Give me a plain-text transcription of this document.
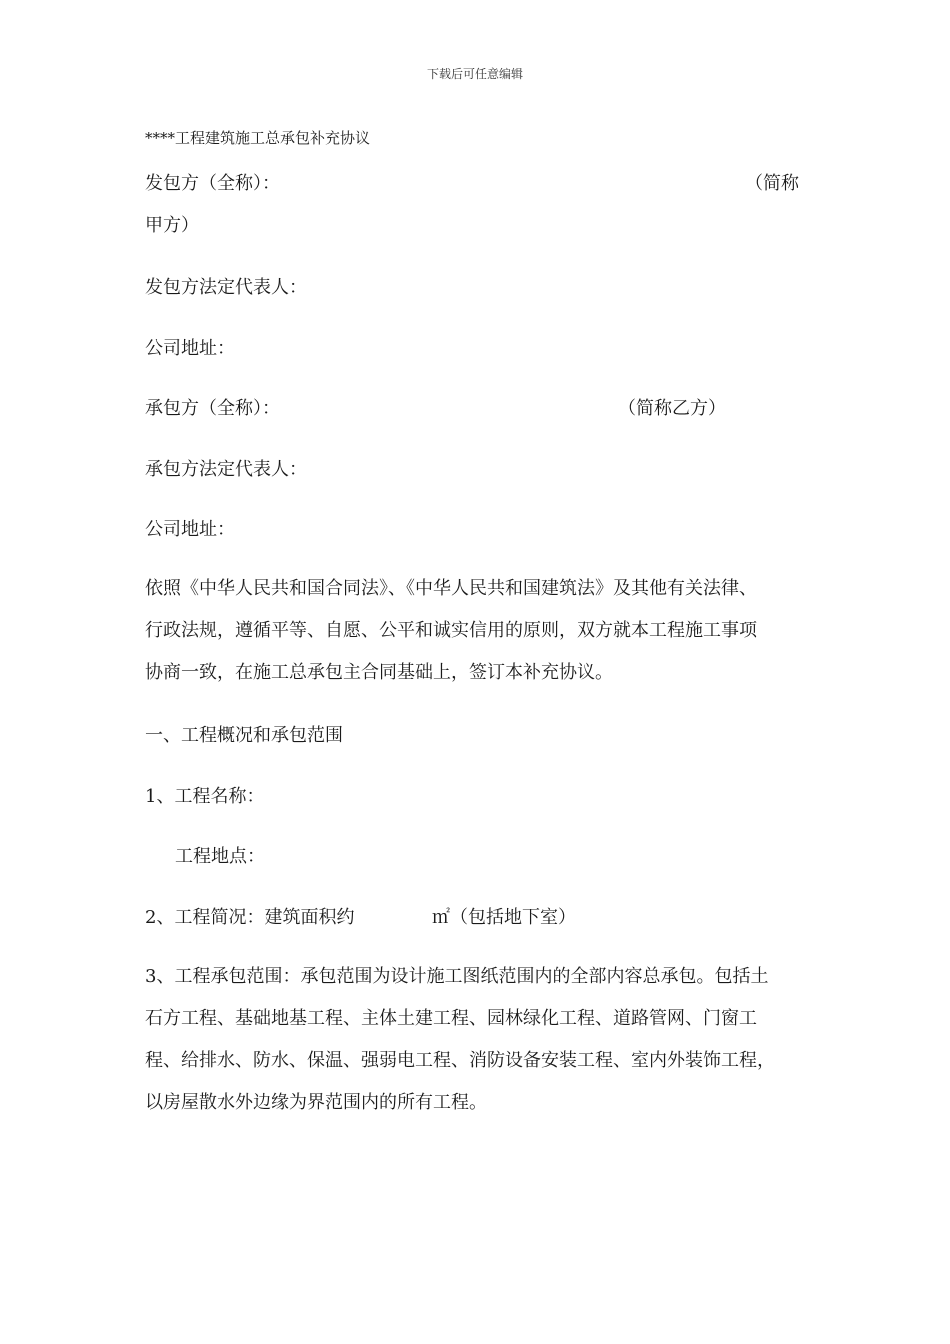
下载后可任意编辑
****工程建筑施工总承包补充协议
发包方（全称）：	（简称
甲方）
发包方法定代表人：
公司地址：
承包方（全称）：	（简称乙方）
承包方法定代表人：
公司地址：
依照《中华人民共和国合同法》、《中华人民共和国建筑法》及其他有关法律、
行政法规，遵循平等、自愿、公平和诚实信用的原则，双方就本工程施工事项
协商一致，在施工总承包主合同基础上，签订本补充协议。
一、工程概况和承包范围
1、工程名称：
工程地点：
2、工程简况：建筑面积约	㎡（包括地下室）
3、工程承包范围：承包范围为设计施工图纸范围内的全部内容总承包。包括土
石方工程、基础地基工程、主体土建工程、园林绿化工程、道路管网、门窗工
程、给排水、防水、保温、强弱电工程、消防设备安装工程、室内外装饰工程，
以房屋散水外边缘为界范围内的所有工程。
